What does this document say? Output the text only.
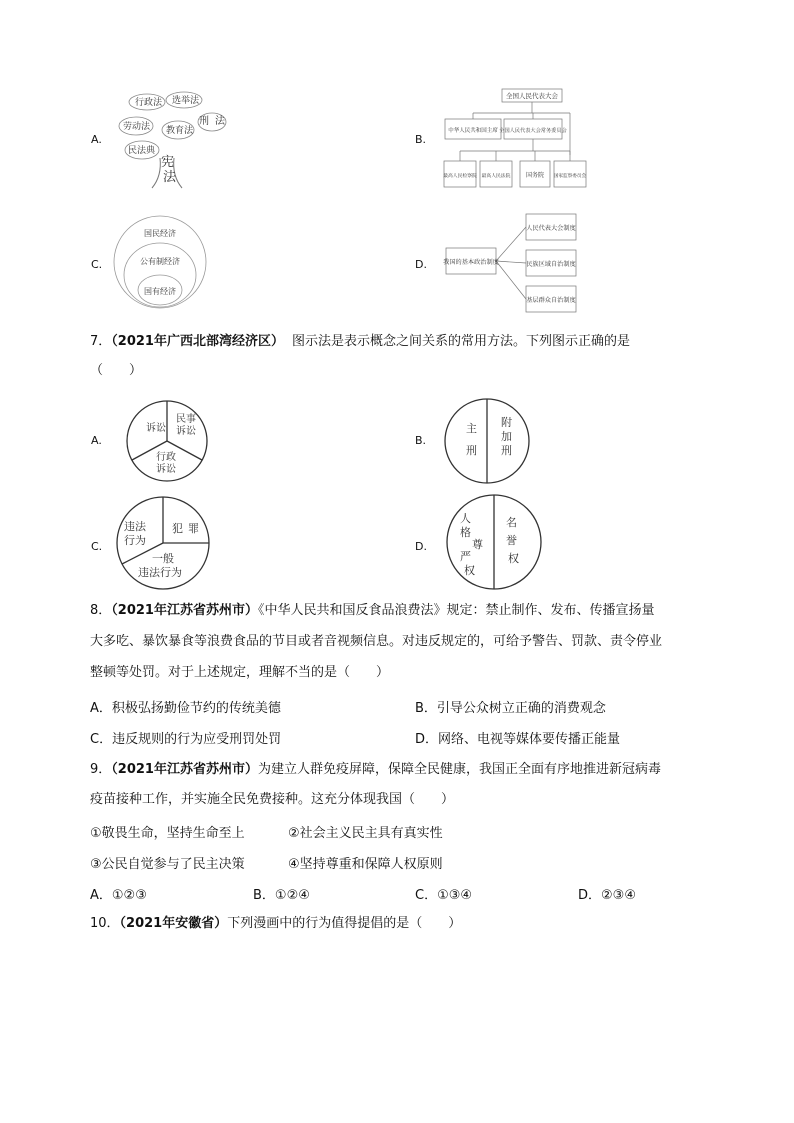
A.
行政法 选举法
刑 法
劳动法 教育法
民法典
宪
法
B.
全国人民代表大会
中华人民共和国主席 全国人民代表大会常务委员会
最高人民检察院 最高人民法院	国务院 国家监察委员会
C.
国民经济
公有制经济
国有经济
D.	我国的基本政治制度
人民代表大会制度
民族区域自治制度
基层群众自治制度
7．（2021年广西北部湾经济区） 图示法是表示概念之间关系的常用方法。下列图示正确的是
（　　）
A.
诉讼
民事
诉讼
行政
诉讼
B.
主
刑
附
加
刑
C.
违法
行为
犯 罪
一般
违法行为
D.
人
格
尊
严
权
名
誉
权
8．（2021年江苏省苏州市）《中华人民共和国反食品浪费法》规定：禁止制作、发布、传播宣扬量
大多吃、暴饮暴食等浪费食品的节目或者音视频信息。对违反规定的，可给予警告、罚款、责令停业
整顿等处罚。对于上述规定，理解不当的是（　　）
A．积极弘扬勤俭节约的传统美德	B．引导公众树立正确的消费观念
C．违反规则的行为应受刑罚处罚	D．网络、电视等媒体要传播正能量
9．（2021年江苏省苏州市）为建立人群免疫屏障，保障全民健康，我国正全面有序地推进新冠病毒
疫苗接种工作，并实施全民免费接种。这充分体现我国（　　）
①敬畏生命，坚持生命至上	②社会主义民主具有真实性
③公民自觉参与了民主决策	④坚持尊重和保障人权原则
A．①②③	B．①②④	C．①③④	D．②③④
10．（2021年安徽省）下列漫画中的行为值得提倡的是（　　）
